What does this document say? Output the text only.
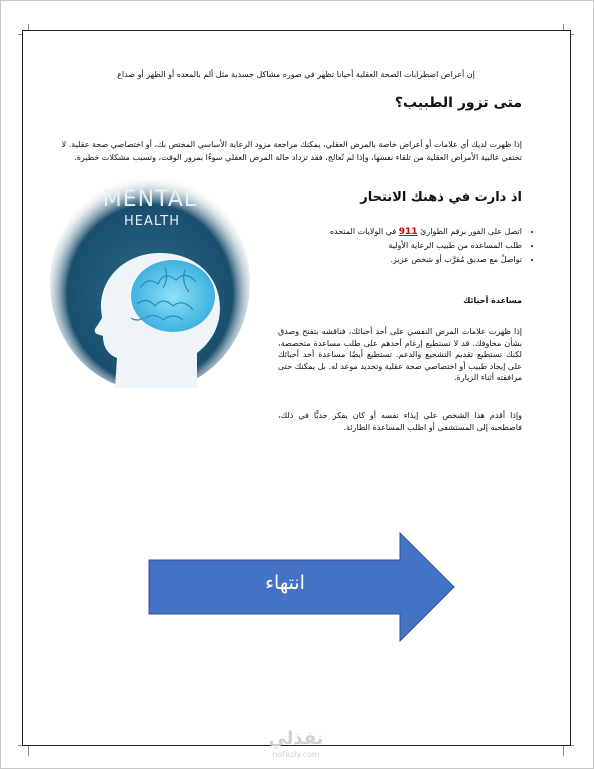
إن أعراض اضطرابات الصحة العقلية أحيانا تظهر في صوره مشاكل جسدية مثل ألم بالمعده أو الظهر أو صداع
متى تزور الطبيب؟
إذا ظهرت لديك أي علامات أو أعراض خاصة بالمرض العقلي، يمكنك مراجعة مزود الرعاية الأساسي المختص بك، أو اختصاصي صحة عقلية. لا تختفي غالبية الأمراض العقلية من تلقاء نفسها، وإذا لم تُعالج، فقد تزداد حالة المرض العقلي سوءًا بمرور الوقت، وتسبب مشكلات خطيرة.
اذ دارت في ذهنك الانتحار
• اتصل على الفور برقم الطوارئ 911 في الولايات المتحده
• طلب المساعده من طبيب الرعاية الأولية
• تواصلْ مع صديق مُقرَّب أو شخص عزيز.
مساعدة أحبائك
إذا ظهرت علامات المرض النفسي على أحد أحبائك، فناقشه بتفتح وصدق بشأن مخاوفك. قد لا تستطيع إرغام أحدهم على طلب مساعدة متخصصة، لكنك تستطيع تقديم التشجيع والدعم. تستطيع أيضًا مساعدة أحد أحبائك على إيجاد طبيب أو اختصاصي صحة عقلية وتحديد موعد له. بل يمكنك حتى مرافقته أثناء الزيارة.
وإذا أقدم هذا الشخص على إيذاء نفسه أو كان يفكر جديًّا في ذلك، فاصطحبه إلى المستشفى أو اطلب المساعدة الطارئة.
MENTAL
HEALTH
انتهاء
نفذلي
nofezly.com
